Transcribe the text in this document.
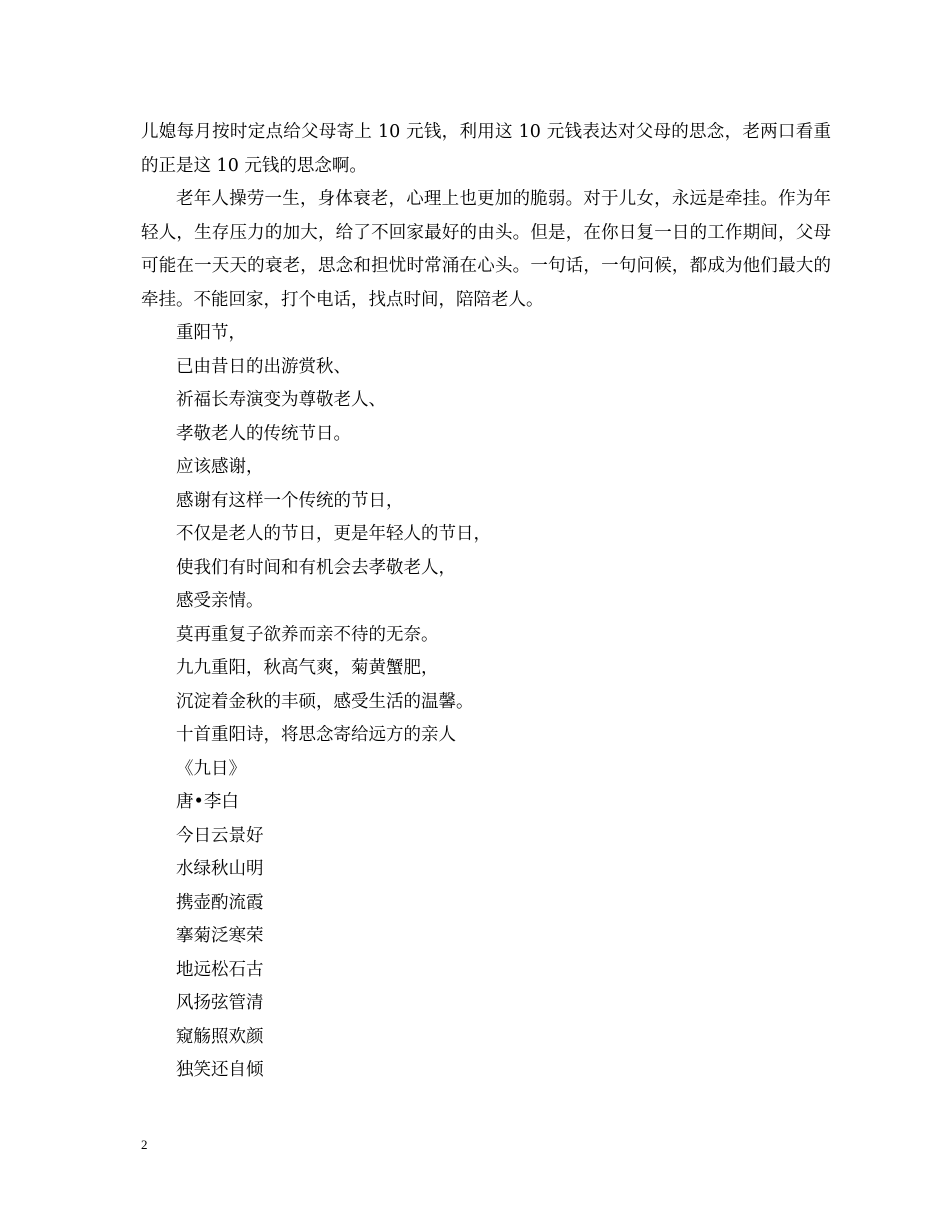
儿媳每月按时定点给父母寄上 10 元钱，利用这 10 元钱表达对父母的思念，老两口看重的正是这 10 元钱的思念啊。

老年人操劳一生，身体衰老，心理上也更加的脆弱。对于儿女，永远是牵挂。作为年轻人，生存压力的加大，给了不回家最好的由头。但是，在你日复一日的工作期间，父母可能在一天天的衰老，思念和担忧时常涌在心头。一句话，一句问候，都成为他们最大的牵挂。不能回家，打个电话，找点时间，陪陪老人。

重阳节，

已由昔日的出游赏秋、

祈福长寿演变为尊敬老人、

孝敬老人的传统节日。

应该感谢，

感谢有这样一个传统的节日，

不仅是老人的节日，更是年轻人的节日，

使我们有时间和有机会去孝敬老人，

感受亲情。

莫再重复子欲养而亲不待的无奈。

九九重阳，秋高气爽，菊黄蟹肥，

沉淀着金秋的丰硕，感受生活的温馨。

十首重阳诗，将思念寄给远方的亲人

《九日》

唐•李白

今日云景好

水绿秋山明

携壶酌流霞

搴菊泛寒荣

地远松石古

风扬弦管清

窥觞照欢颜

独笑还自倾

2
